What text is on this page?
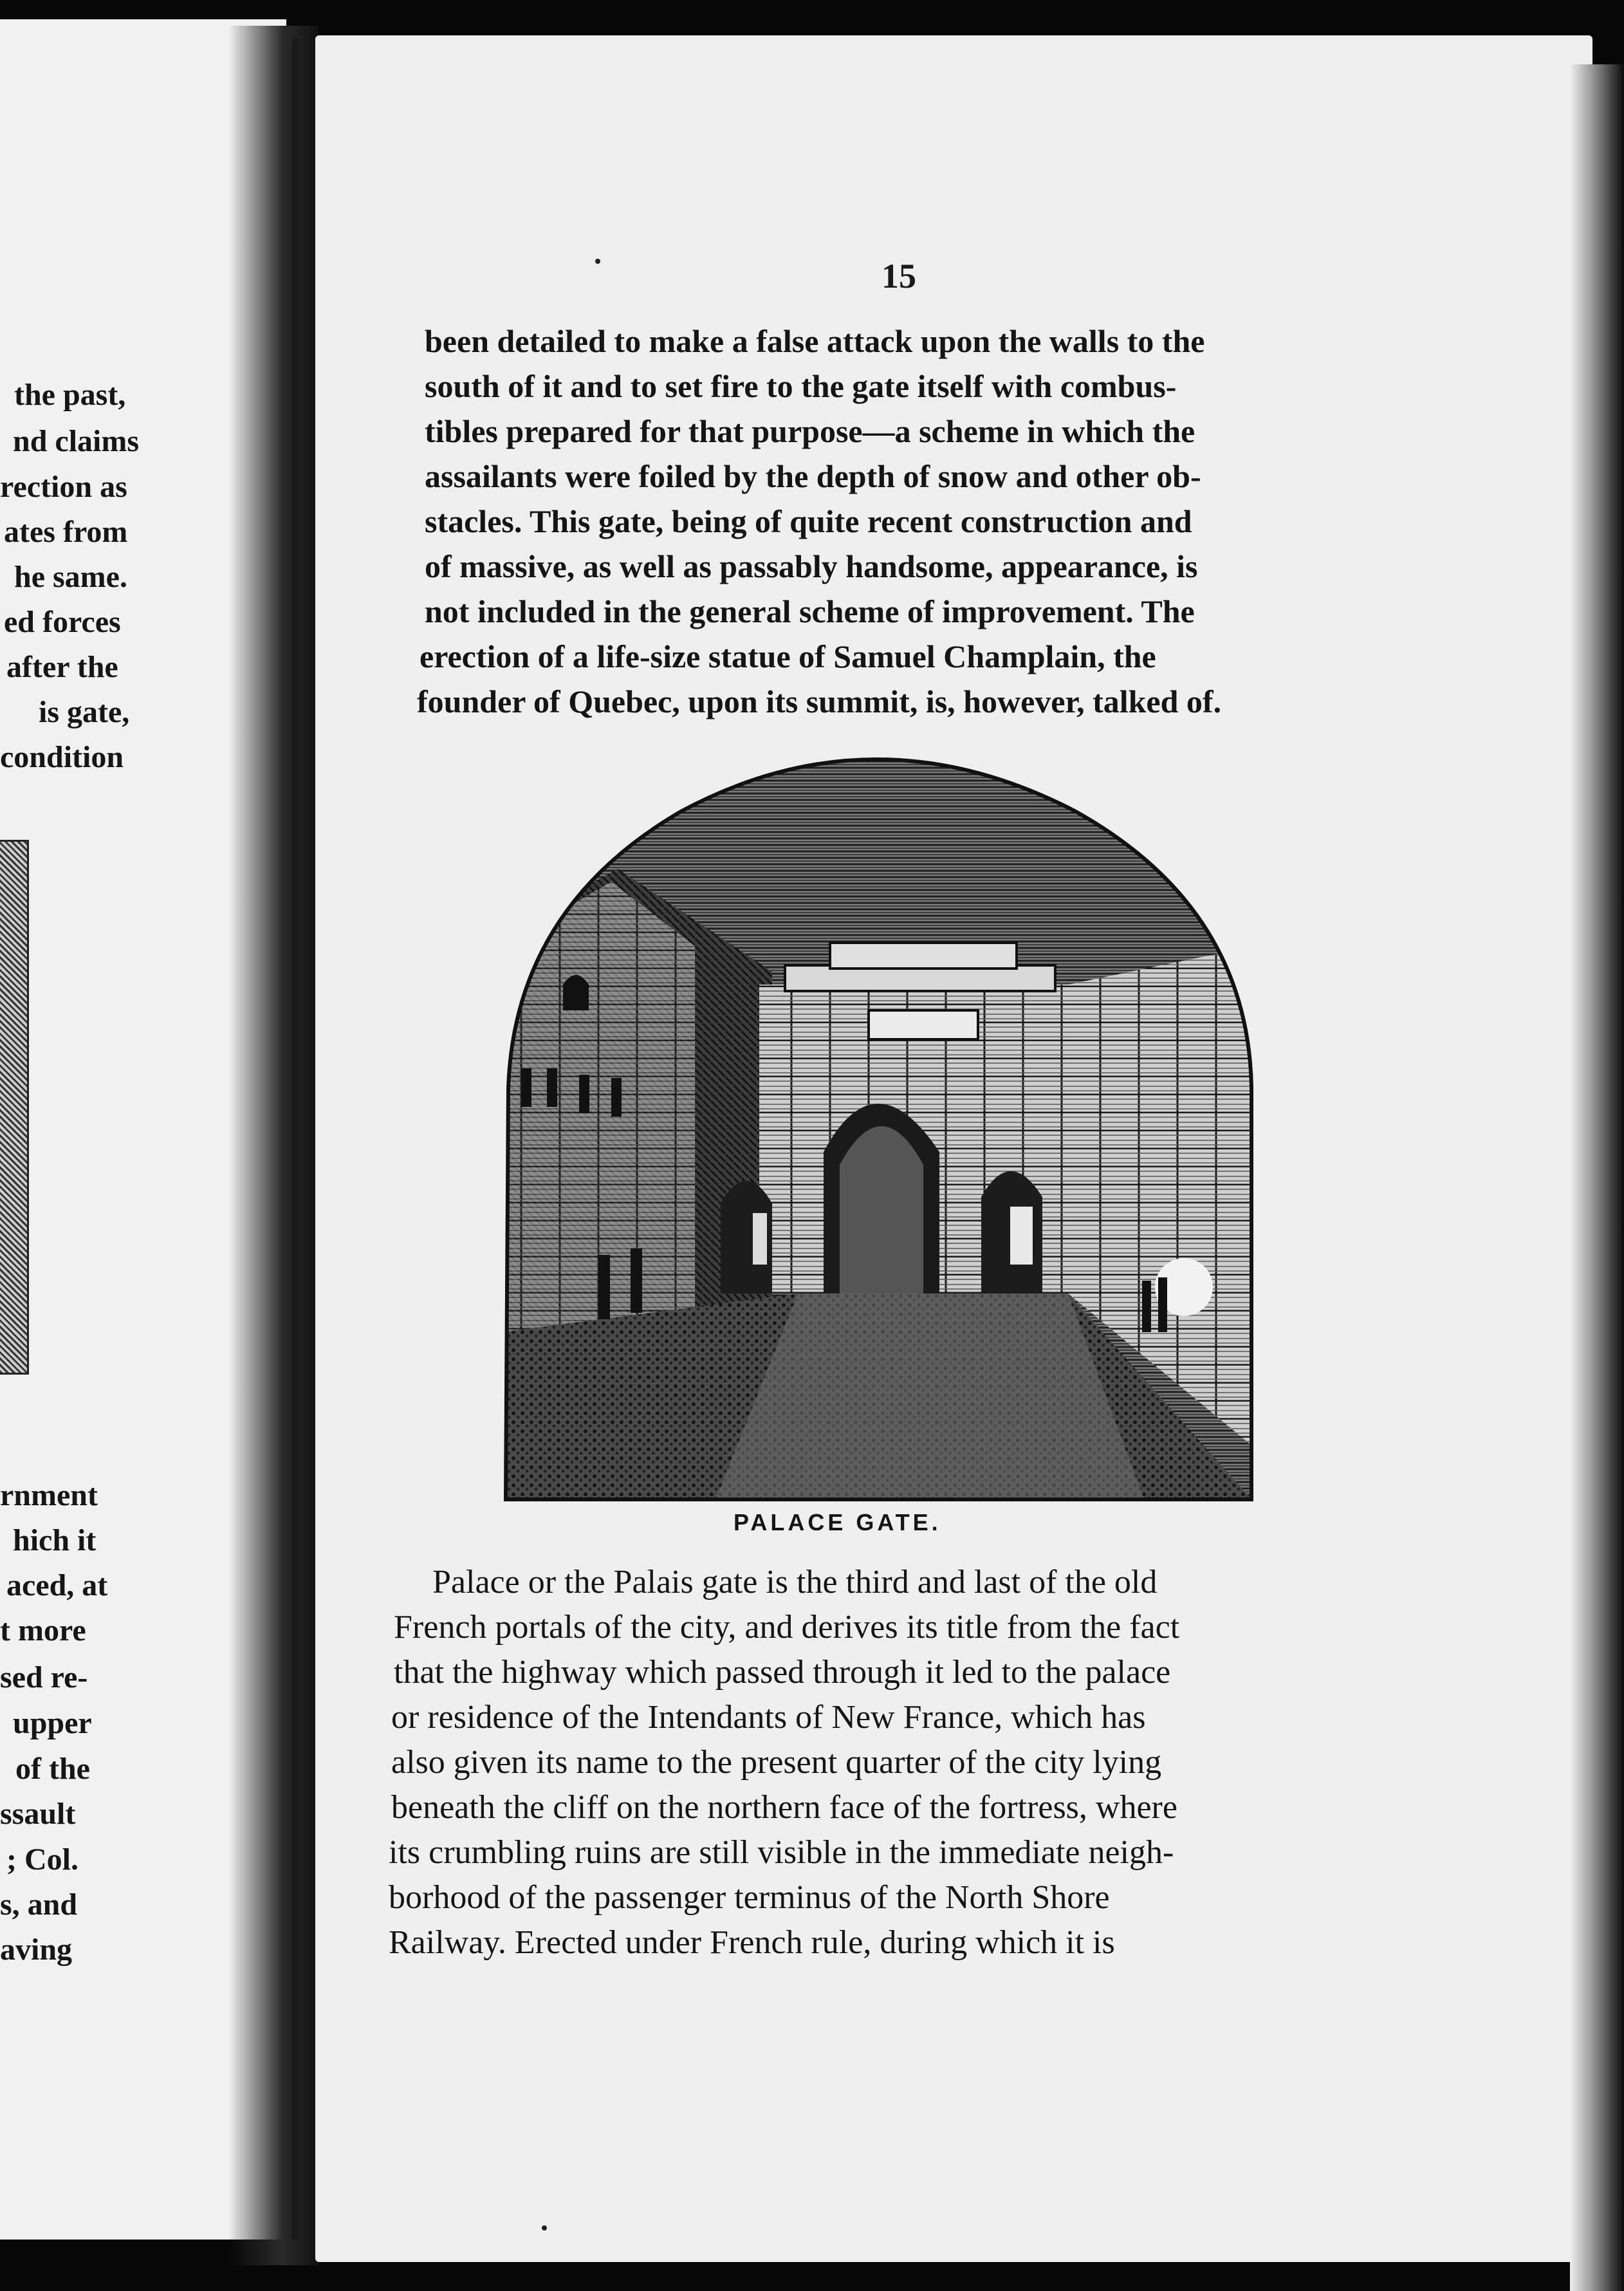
the past,
nd claims
rection as
ates from
he same.
ed forces
after the
is gate,
condition
rnment
hich it
aced, at
t more
sed re-
upper
of the
ssault
; Col.
s, and
aving
15
been detailed to make a false attack upon the walls to the
south of it and to set fire to the gate itself with combus-
tibles prepared for that purpose—a scheme in which the
assailants were foiled by the depth of snow and other ob-
stacles. This gate, being of quite recent construction and
of massive, as well as passably handsome, appearance, is
not included in the general scheme of improvement. The
erection of a life-size statue of Samuel Champlain, the
founder of Quebec, upon its summit, is, however, talked of.
PALACE GATE.
Palace or the Palais gate is the third and last of the old
French portals of the city, and derives its title from the fact
that the highway which passed through it led to the palace
or residence of the Intendants of New France, which has
also given its name to the present quarter of the city lying
beneath the cliff on the northern face of the fortress, where
its crumbling ruins are still visible in the immediate neigh-
borhood of the passenger terminus of the North Shore
Railway. Erected under French rule, during which it is
